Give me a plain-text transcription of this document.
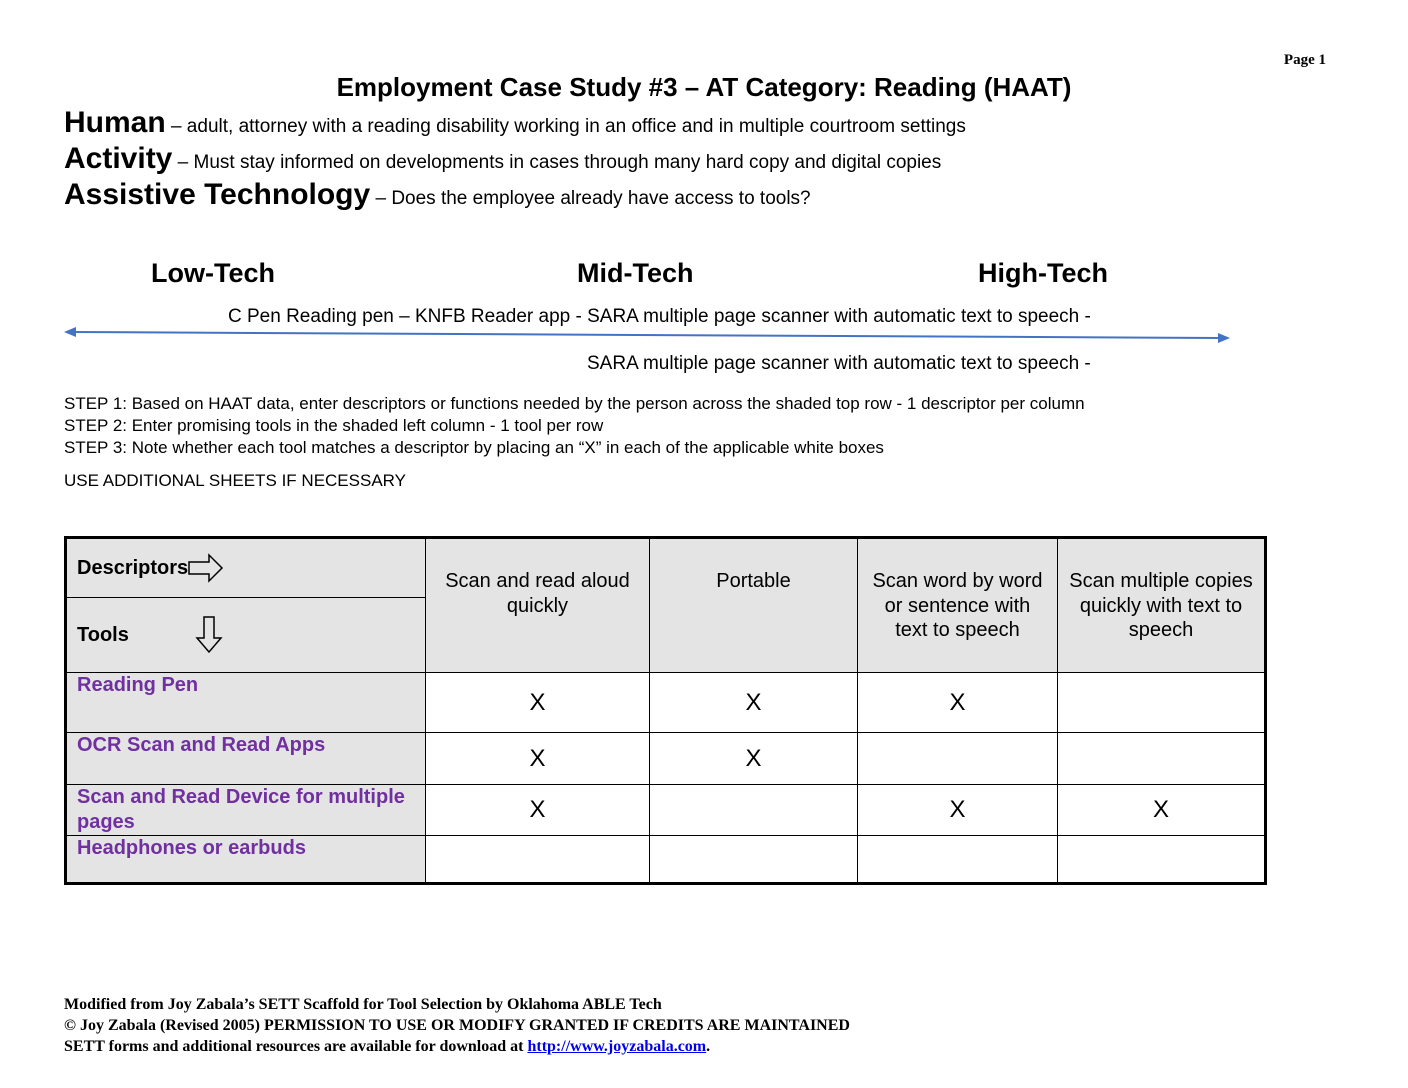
Page 1
Employment Case Study #3 – AT Category: Reading (HAAT)
Human – adult, attorney with a reading disability working in an office and in multiple courtroom settings
Activity – Must stay informed on developments in cases through many hard copy and digital copies
Assistive Technology – Does the employee already have access to tools?
Low-Tech	Mid-Tech	High-Tech
C Pen Reading pen – KNFB Reader app - SARA multiple page scanner with automatic text to speech -
SARA multiple page scanner with automatic text to speech -
STEP 1: Based on HAAT data, enter descriptors or functions needed by the person across the shaded top row - 1 descriptor per column
STEP 2: Enter promising tools in the shaded left column - 1 tool per row
STEP 3: Note whether each tool matches a descriptor by placing an “X” in each of the applicable white boxes
USE ADDITIONAL SHEETS IF NECESSARY
Descriptors
Tools	Scan and read aloud quickly	Portable	Scan word by word or sentence with text to speech	Scan multiple copies quickly with text to speech
Reading Pen	X	X	X	
OCR Scan and Read Apps	X	X		
Scan and Read Device for multiple pages	X		X	X
Headphones or earbuds				
Modified from Joy Zabala’s SETT Scaffold for Tool Selection by Oklahoma ABLE Tech
© Joy Zabala (Revised 2005) PERMISSION TO USE OR MODIFY GRANTED IF CREDITS ARE MAINTAINED
SETT forms and additional resources are available for download at http://www.joyzabala.com.
